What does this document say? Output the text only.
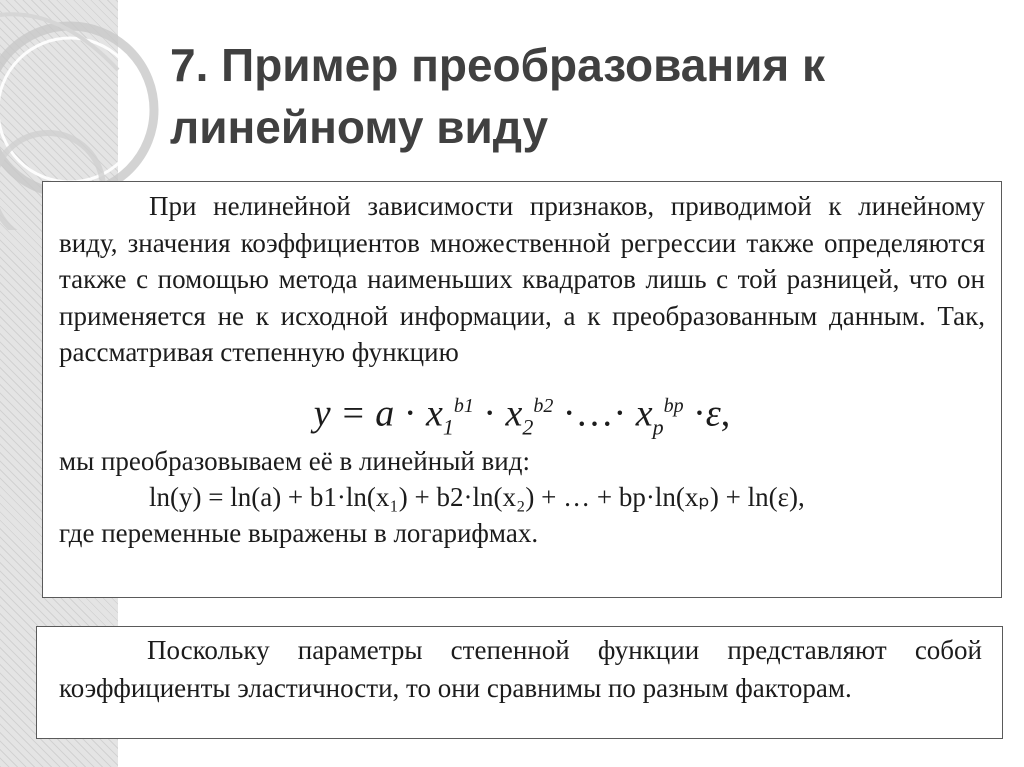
7. Пример преобразования к
линейному виду

При нелинейной зависимости признаков, приводимой к линейному виду, значения коэффициентов множественной регрессии также определяются также с помощью метода наименьших квадратов лишь с той разницей, что он применяется не к исходной информации, а к преобразованным данным. Так, рассматривая степенную функцию

$y = a \cdot x_1^{b1} \cdot x_2^{b2}$ ·…· $x_p^{bp} \cdot\varepsilon$,

мы преобразовываем её в линейный вид:

ln(y) = ln(a) + b1·ln(x₁) + b2·ln(x₂) + … + bp·ln(xₚ) + ln(ε),

где переменные выражены в логарифмах.

Поскольку параметры степенной функции представляют собой коэффициенты эластичности, то они сравнимы по разным факторам.
